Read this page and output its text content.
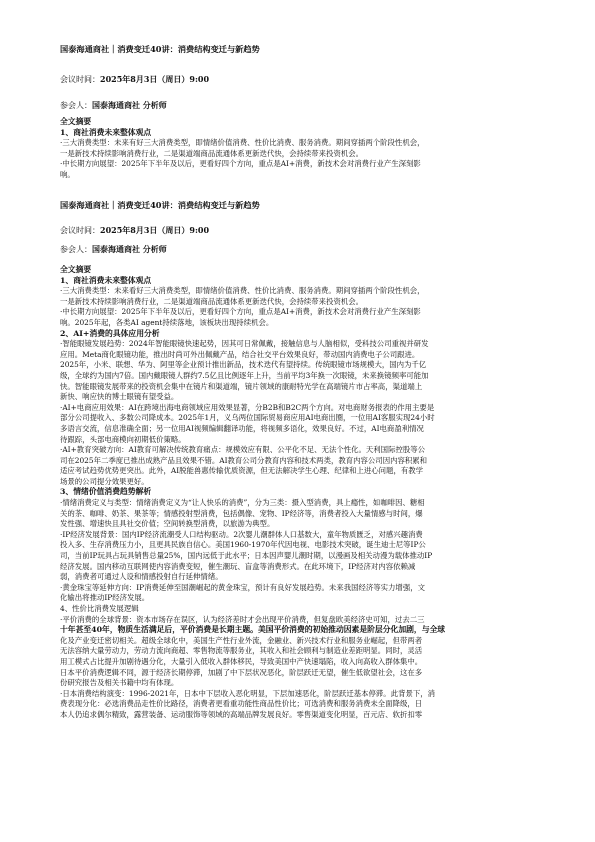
国泰海通商社｜消费变迁40讲：消费结构变迁与新趋势
会议时间：2025年8月3日（周日）9:00
参会人：国泰海通商社 分析师

全文摘要

1、商社消费未来整体观点

·三大消费类型：未来有好三大消费类型，即情绪价值消费、性价比消费、服务消费。期间穿插两个阶段性机会，

一是新技术持续影响消费行业，二是渠道端商品流通体系更新迭代快，会持续带来投资机会。

·中长期方向展望：2025年下半年及以后，更看好四个方向，重点是AI+消费，新技术会对消费行业产生深刻影

响。

国泰海通商社｜消费变迁40讲：消费结构变迁与新趋势
会议时间：2025年8月3日（周日）9:00
参会人：国泰海通商社 分析师

全文摘要

1、商社消费未来整体观点

·三大消费类型：未来看好三大消费类型，即情绪价值消费、性价比消费、服务消费。期间穿插两个阶段性机会，

一是新技术持续影响消费行业，二是渠道端商品流通体系更新迭代快，会持续带来投资机会。

·中长期方向展望：2025年下半年及以后，更看好四个方向，重点是AI+消费，新技术会对消费行业产生深刻影

响。2025年起，各类AI agent持续落地，该板块出现持续机会。

2、AI+消费的具体应用分析

·智能眼镜发展趋势：2024年智能眼镜快速起势，因其可日常佩戴，接触信息与人脑相似，受科技公司重视并研发

应用。Meta商化眼镜功能，推出时尚可外出佩戴产品，结合社交平台效果良好，带动国内消费电子公司跟进。

2025年，小米、联想、华为、阿里等企业预计推出新品，技术迭代有望持续。传统眼镜市场规模大，国内为千亿

级，全球约为国内7倍。国内戴眼镜人群约7.5亿且比例逐年上升，当前平均3年换一次眼镜，未来换镜频率可能加

快。智能眼镜发展带来的投资机会集中在镜片和渠道端，镜片领域的康耐特光学在高端镜片市占率高，渠道端上

新快、响应快的博士眼镜有望受益。

·AI+电商应用效果：AI在跨境出海电商领域应用效果显著，分B2B和B2C两个方向。对电商财务报表的作用主要是

部分公司提收入、多数公司降成本。2025年1月，义乌两位国际贸易商应用AI电商出圈，一位用AI客服实现24小时

多语言交流，信息准确全面；另一位用AI视频编辑翻译功能，将视频多语化，效果良好。不过，AI电商盈利情况

待跟踪，头部电商模向初期低价策略。

·AI+教育突破方向：AI教育可解决传统教育痛点：规模效应有限、公平化不足、无法个性化。天利国际控股等公

司在2025年二季度已推出成熟产品且效果不错。AI教育公司分教育内容和技术两类，教育内容公司因内容积累和

适应考试趋势优势更突出。此外，AI脱能兽惠传输优质资源，但无法解决学生心理、纪律和上进心问题，有教学

场景的公司提分效果更好。

3、情绪价值消费趋势解析

·情绪消费定义与类型：情绪消费定义为“让人快乐的消费”，分为三类：摄入型消费，具上瘾性，如咖啡因、糖相

关的茶、咖啡、奶茶、果茶等；情感投射型消费，包括偶像、宠物、IP经济等，消费者投入大量情感与时间，爆

发性强、增速快且具社交价值；空间转换型消费，以旅游为典型。

·IP经济发展背景：国内IP经济流潮受人口结构驱动。2次婴儿潮群体人口基数大，童年物质匮乏，对感兴趣消费

投入多、生存消费压力小，且更具民族自信心。美国1960-1970年代因电视、电影技术突破，诞生迪士尼等IP公

司，当前IP玩具占玩具销售总量25%，国内远低于此水平；日本因声婴儿潮时期，以漫画及相关动漫为载体推动IP

经济发展。国内移动互联网使内容消费变短，催生潮玩、盲盒等消费形式。在此环境下，IP经济对内容依赖减

弱，消费者可通过人设和情感投射自行延伸情绪。

·黄金珠宝等延伸方向：IP消费延伸至国潮崛起的黄金珠宝，预计有良好发展趋势。未来我国经济等实力增强，文

化输出将推动IP经济发展。

4、性价比消费发展逻辑

·平价消费的全球背景：资本市场存在误区，认为经济差时才会出现平价消费，但复盘欧美经济史可知，过去二三

十年甚至40年，物质生活满足后，平价消费是长期主题。美国平价消费的初始推动因素是阶层分化加剧，与全球

化及产业变迁密切相关。超级全球化中，美国生产性行业外流，金融业、新兴技术行业和服务业崛起，但带两者

无法容纳大量劳动力，劳动力流向商超、零售物流等服务业，其收入和社会顾利与制造业差距明显。同时，灵活

用工模式占比提升加剧待遇分化，大量引入低收入群体移民，导致美国中产快速塌陷，收入向高收入群体集中。

日本平价消费逻辑不同，源于经济长期停滞，加剧了中下层状况恶化，阶层跃迁无望，催生低欲望社会，这在多

份研究报告及相关书籍中均有体现。

·日本消费结构演变：1996-2021年，日本中下层收入恶化明显，下层加速恶化，阶层跃迁基本停滞。此背景下，消

费表现分化：必选消费品走性价比路径，消费者更看重功能性商品性价比；可选消费和服务消费未全面降级，日

本人仍追求偶尔精致，露营装备、运动服饰等领域的高端品牌发展良好。零售渠道变化明显，百元店、软折扣零
